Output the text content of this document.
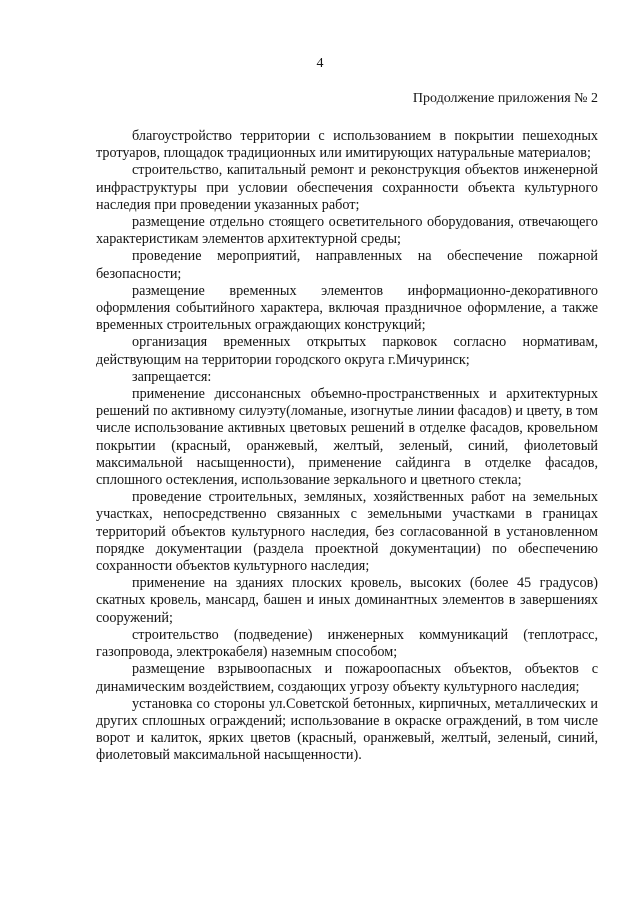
4
Продолжение приложения № 2

благоустройство территории с использованием в покрытии пешеходных тротуаров, площадок традиционных или имитирующих натуральные материалов;

строительство, капитальный ремонт и реконструкция объектов инженерной инфраструктуры при условии обеспечения сохранности объекта культурного наследия при проведении указанных работ;

размещение отдельно стоящего осветительного оборудования, отвечающего характеристикам элементов архитектурной среды;

проведение мероприятий, направленных на обеспечение пожарной безопасности;

размещение временных элементов информационно-декоративного оформления событийного характера, включая праздничное оформление, а также временных строительных ограждающих конструкций;

организация временных открытых парковок согласно нормативам, действующим на территории городского округа г.Мичуринск;

запрещается:

применение диссонансных объемно-пространственных и архитектурных решений по активному силуэту(ломаные, изогнутые линии фасадов) и цвету, в том числе использование активных цветовых решений в отделке фасадов, кровельном покрытии (красный, оранжевый, желтый, зеленый, синий, фиолетовый максимальной насыщенности), применение сайдинга в отделке фасадов, сплошного остекления, использование зеркального и цветного стекла;

проведение строительных, земляных, хозяйственных работ на земельных участках, непосредственно связанных с земельными участками в границах территорий объектов культурного наследия, без согласованной в установленном порядке документации (раздела проектной документации) по обеспечению сохранности объектов культурного наследия;

применение на зданиях плоских кровель, высоких (более 45 градусов) скатных кровель, мансард, башен и иных доминантных элементов в завершениях сооружений;

строительство (подведение) инженерных коммуникаций (теплотрасс, газопровода, электрокабеля) наземным способом;

размещение взрывоопасных и пожароопасных объектов, объектов с динамическим воздействием, создающих угрозу объекту культурного наследия;

установка со стороны ул.Советской бетонных, кирпичных, металлических и других сплошных ограждений; использование в окраске ограждений, в том числе ворот и калиток, ярких цветов (красный, оранжевый, желтый, зеленый, синий, фиолетовый максимальной насыщенности).
